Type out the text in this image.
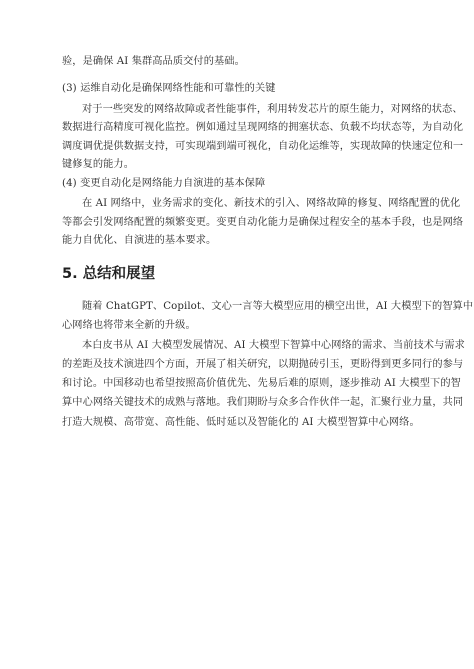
验，是确保 AI 集群高品质交付的基础。
(3) 运维自动化是确保网络性能和可靠性的关键
对于一些突发的网络故障或者性能事件，利用转发芯片的原生能力，对网络的状态、
数据进行高精度可视化监控。例如通过呈现网络的拥塞状态、负载不均状态等，为自动化
调度调优提供数据支持，可实现端到端可视化，自动化运维等，实现故障的快速定位和一
键修复的能力。
(4) 变更自动化是网络能力自演进的基本保障
在 AI 网络中，业务需求的变化、新技术的引入、网络故障的修复、网络配置的优化
等都会引发网络配置的频繁变更。变更自动化能力是确保过程安全的基本手段，也是网络
能力自优化、自演进的基本要求。
5. 总结和展望
随着 ChatGPT、Copilot、文心一言等大模型应用的横空出世，AI 大模型下的智算中
心网络也将带来全新的升级。
本白皮书从 AI 大模型发展情况、AI 大模型下智算中心网络的需求、当前技术与需求
的差距及技术演进四个方面，开展了相关研究，以期抛砖引玉，更盼得到更多同行的参与
和讨论。中国移动也希望按照高价值优先、先易后难的原则，逐步推动 AI 大模型下的智
算中心网络关键技术的成熟与落地。我们期盼与众多合作伙伴一起，汇聚行业力量，共同
打造大规模、高带宽、高性能、低时延以及智能化的 AI 大模型智算中心网络。
